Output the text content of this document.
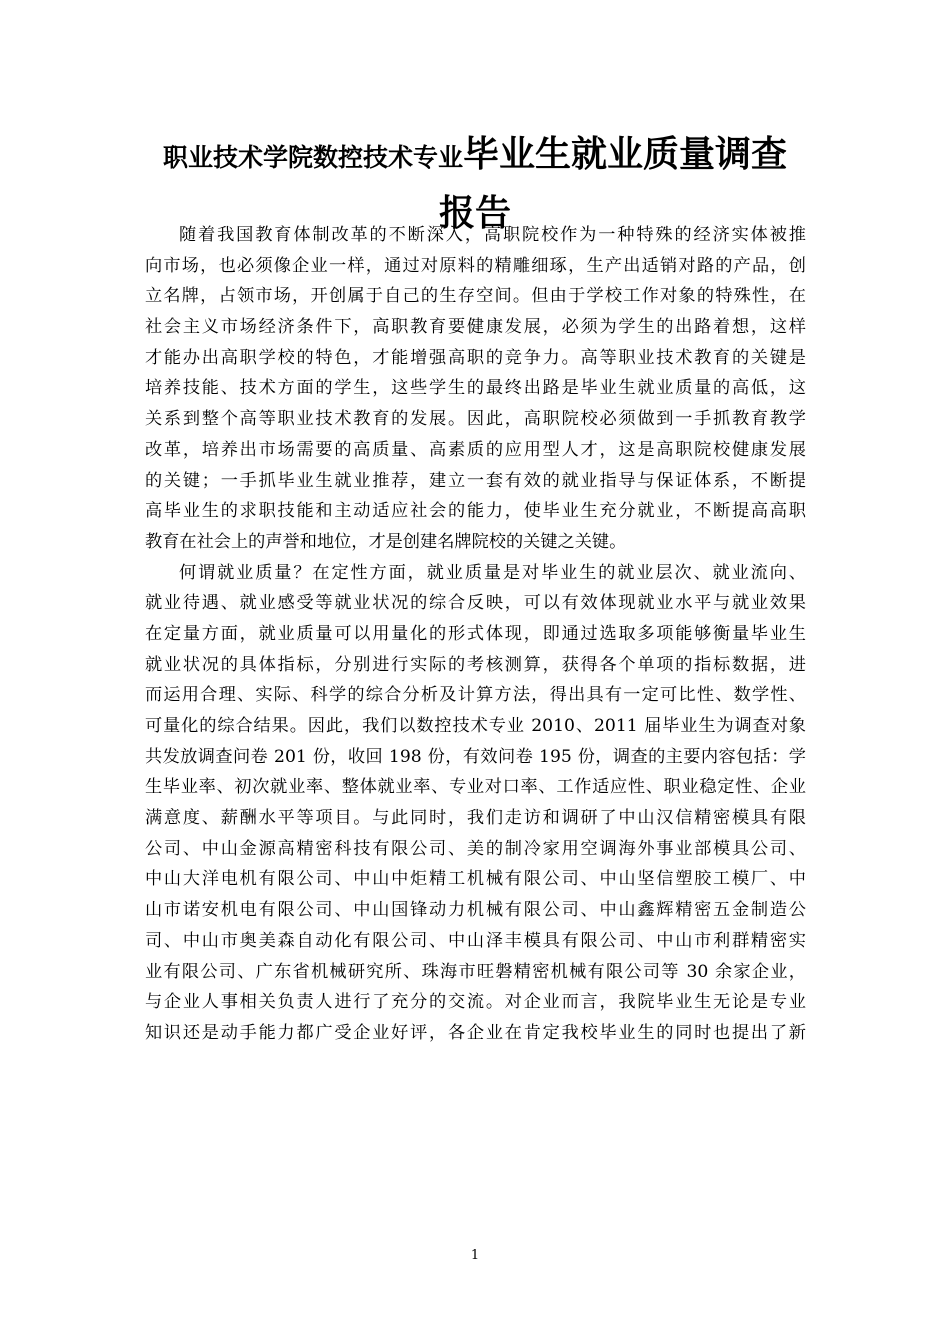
职业技术学院数控技术专业毕业生就业质量调查
报告
随着我国教育体制改革的不断深入，高职院校作为一种特殊的经济实体被推
向市场，也必须像企业一样，通过对原料的精雕细琢，生产出适销对路的产品，创
立名牌，占领市场，开创属于自己的生存空间。但由于学校工作对象的特殊性，在
社会主义市场经济条件下，高职教育要健康发展，必须为学生的出路着想，这样
才能办出高职学校的特色，才能增强高职的竞争力。高等职业技术教育的关键是
培养技能、技术方面的学生，这些学生的最终出路是毕业生就业质量的高低，这
关系到整个高等职业技术教育的发展。因此，高职院校必须做到一手抓教育教学
改革，培养出市场需要的高质量、高素质的应用型人才，这是高职院校健康发展
的关键；一手抓毕业生就业推荐，建立一套有效的就业指导与保证体系，不断提
高毕业生的求职技能和主动适应社会的能力，使毕业生充分就业，不断提高高职
教育在社会上的声誉和地位，才是创建名牌院校的关键之关键。
何谓就业质量？在定性方面，就业质量是对毕业生的就业层次、就业流向、
就业待遇、就业感受等就业状况的综合反映，可以有效体现就业水平与就业效果
在定量方面，就业质量可以用量化的形式体现，即通过选取多项能够衡量毕业生
就业状况的具体指标，分别进行实际的考核测算，获得各个单项的指标数据，进
而运用合理、实际、科学的综合分析及计算方法，得出具有一定可比性、数学性、
可量化的综合结果。因此，我们以数控技术专业 2010、2011 届毕业生为调查对象
共发放调查问卷 201 份，收回 198 份，有效问卷 195 份，调查的主要内容包括：学
生毕业率、初次就业率、整体就业率、专业对口率、工作适应性、职业稳定性、企业
满意度、薪酬水平等项目。与此同时，我们走访和调研了中山汉信精密模具有限
公司、中山金源高精密科技有限公司、美的制冷家用空调海外事业部模具公司、
中山大洋电机有限公司、中山中炬精工机械有限公司、中山坚信塑胶工模厂、中
山市诺安机电有限公司、中山国锋动力机械有限公司、中山鑫辉精密五金制造公
司、中山市奥美森自动化有限公司、中山泽丰模具有限公司、中山市利群精密实
业有限公司、广东省机械研究所、珠海市旺磐精密机械有限公司等 30 余家企业，
与企业人事相关负责人进行了充分的交流。对企业而言，我院毕业生无论是专业
知识还是动手能力都广受企业好评，各企业在肯定我校毕业生的同时也提出了新
1
